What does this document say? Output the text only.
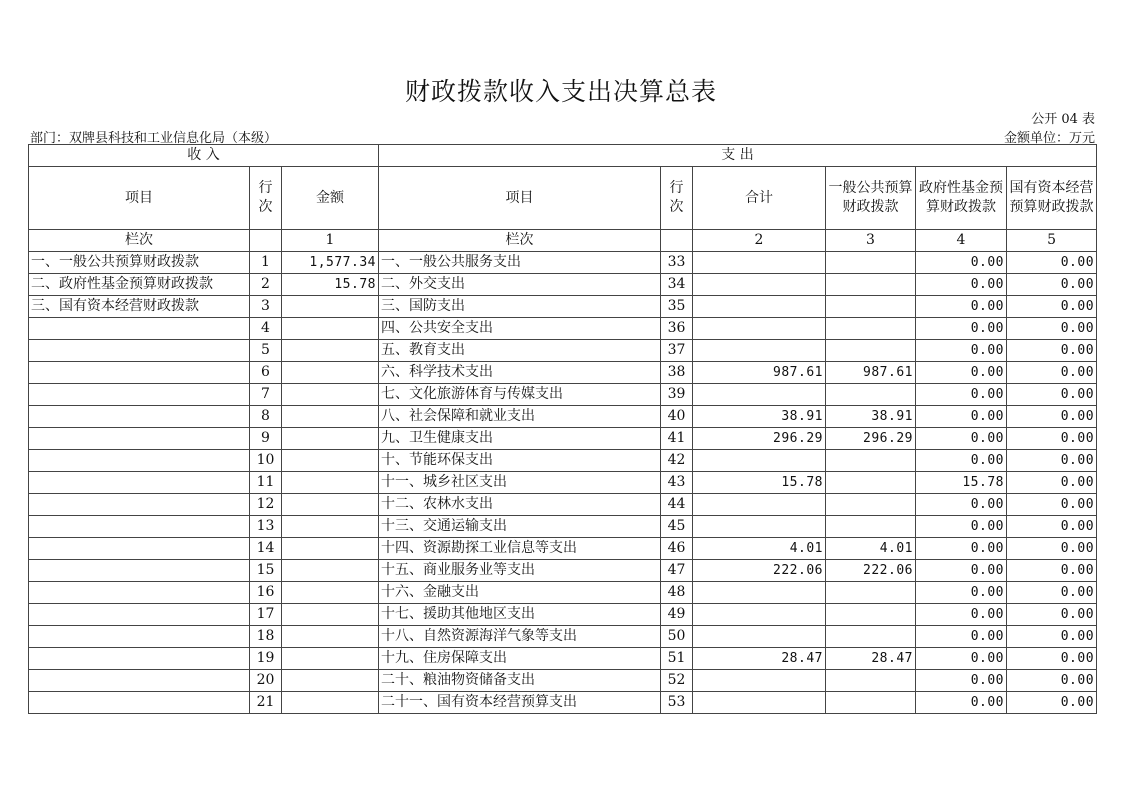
财政拨款收入支出决算总表
公开 04 表
部门：双牌县科技和工业信息化局（本级）	金额单位：万元
收 入			支 出					
项目	行次	金额	项目	行次	合计	一般公共预算财政拨款	政府性基金预算财政拨款	国有资本经营预算财政拨款
栏次		1	栏次		2	3	4	5
一、一般公共预算财政拨款	1	1,577.34	一、一般公共服务支出	33			0.00	0.00
二、政府性基金预算财政拨款	2	15.78	二、外交支出	34			0.00	0.00
三、国有资本经营财政拨款	3		三、国防支出	35			0.00	0.00
	4		四、公共安全支出	36			0.00	0.00
	5		五、教育支出	37			0.00	0.00
	6		六、科学技术支出	38	987.61	987.61	0.00	0.00
	7		七、文化旅游体育与传媒支出	39			0.00	0.00
	8		八、社会保障和就业支出	40	38.91	38.91	0.00	0.00
	9		九、卫生健康支出	41	296.29	296.29	0.00	0.00
	10		十、节能环保支出	42			0.00	0.00
	11		十一、城乡社区支出	43	15.78		15.78	0.00
	12		十二、农林水支出	44			0.00	0.00
	13		十三、交通运输支出	45			0.00	0.00
	14		十四、资源勘探工业信息等支出	46	4.01	4.01	0.00	0.00
	15		十五、商业服务业等支出	47	222.06	222.06	0.00	0.00
	16		十六、金融支出	48			0.00	0.00
	17		十七、援助其他地区支出	49			0.00	0.00
	18		十八、自然资源海洋气象等支出	50			0.00	0.00
	19		十九、住房保障支出	51	28.47	28.47	0.00	0.00
	20		二十、粮油物资储备支出	52			0.00	0.00
	21		二十一、国有资本经营预算支出	53			0.00	0.00
